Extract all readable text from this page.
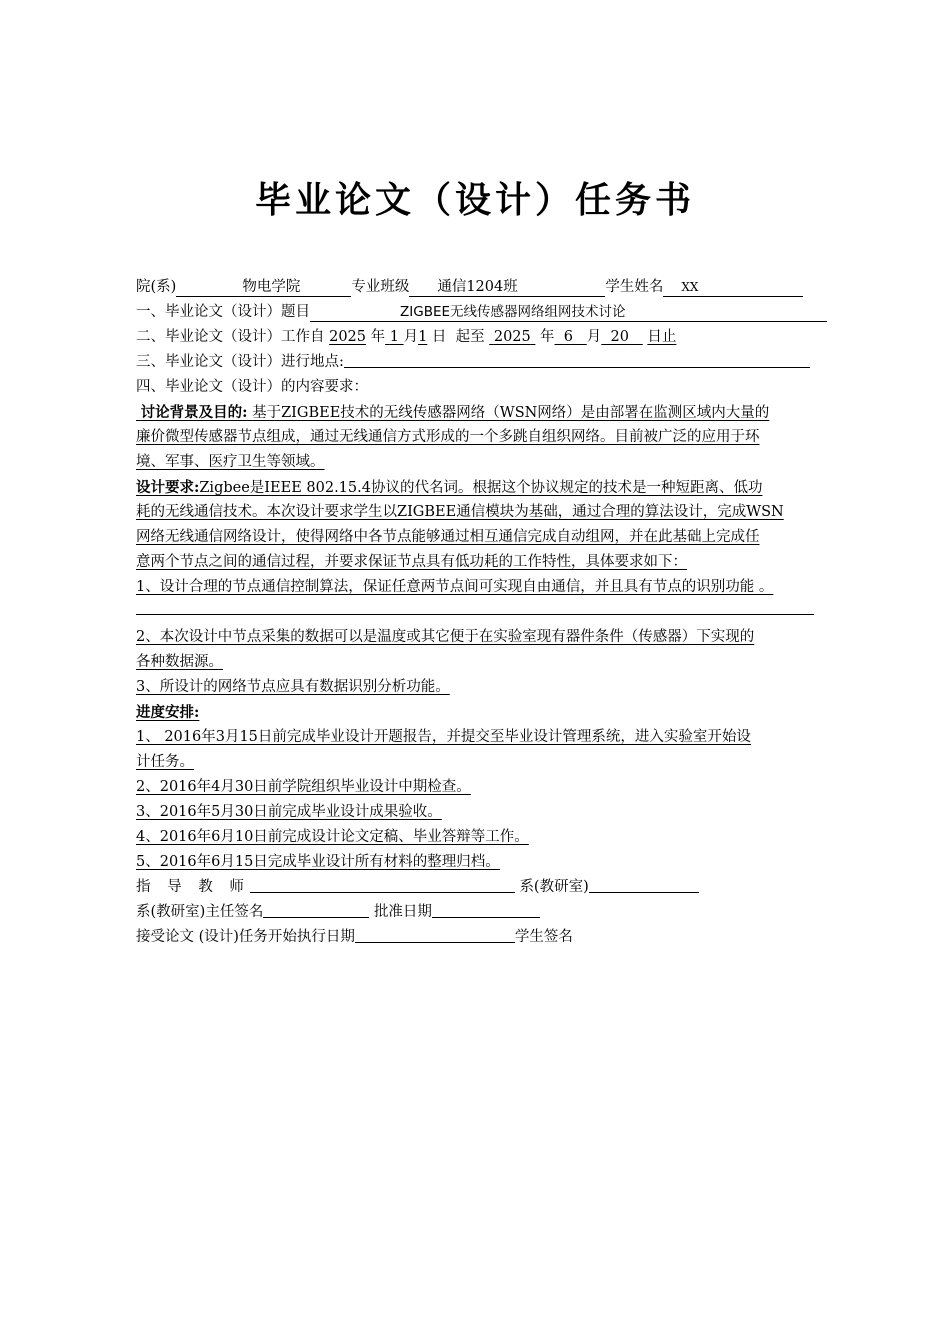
毕业论文（设计）任务书
院(系)	物电学院	专业班级 通信1204班	学生姓名 XX
一、毕业论文（设计）题目	ZIGBEE无线传感器网络组网技术讨论
二、毕业论文（设计）工作自 2025 年 1 月1 日 起至 2025 年 6 月 20 日止
三、毕业论文（设计）进行地点:
四、毕业论文（设计）的内容要求：
讨论背景及目的: 基于ZIGBEE技术的无线传感器网络（WSN网络）是由部署在监测区域内大量的
廉价微型传感器节点组成，通过无线通信方式形成的一个多跳自组织网络。目前被广泛的应用于环
境、军事、医疗卫生等领域。
设计要求:Zigbee是IEEE 802.15.4协议的代名词。根据这个协议规定的技术是一种短距离、低功
耗的无线通信技术。本次设计要求学生以ZIGBEE通信模块为基础，通过合理的算法设计，完成WSN
网络无线通信网络设计，使得网络中各节点能够通过相互通信完成自动组网，并在此基础上完成任
意两个节点之间的通信过程，并要求保证节点具有低功耗的工作特性，具体要求如下：
1、设计合理的节点通信控制算法，保证任意两节点间可实现自由通信，并且具有节点的识别功能 。
2、本次设计中节点采集的数据可以是温度或其它便于在实验室现有器件条件（传感器）下实现的
各种数据源。
3、所设计的网络节点应具有数据识别分析功能。
进度安排:
1、 2016年3月15日前完成毕业设计开题报告，并提交至毕业设计管理系统，进入实验室开始设
计任务。
2、2016年4月30日前学院组织毕业设计中期检查。
3、2016年5月30日前完成毕业设计成果验收。
4、2016年6月10日前完成设计论文定稿、毕业答辩等工作。
5、2016年6月15日完成毕业设计所有材料的整理归档。
指 导 教 师	系(教研室)
系(教研室)主任签名	批准日期
接受论文 (设计)任务开始执行日期	学生签名
